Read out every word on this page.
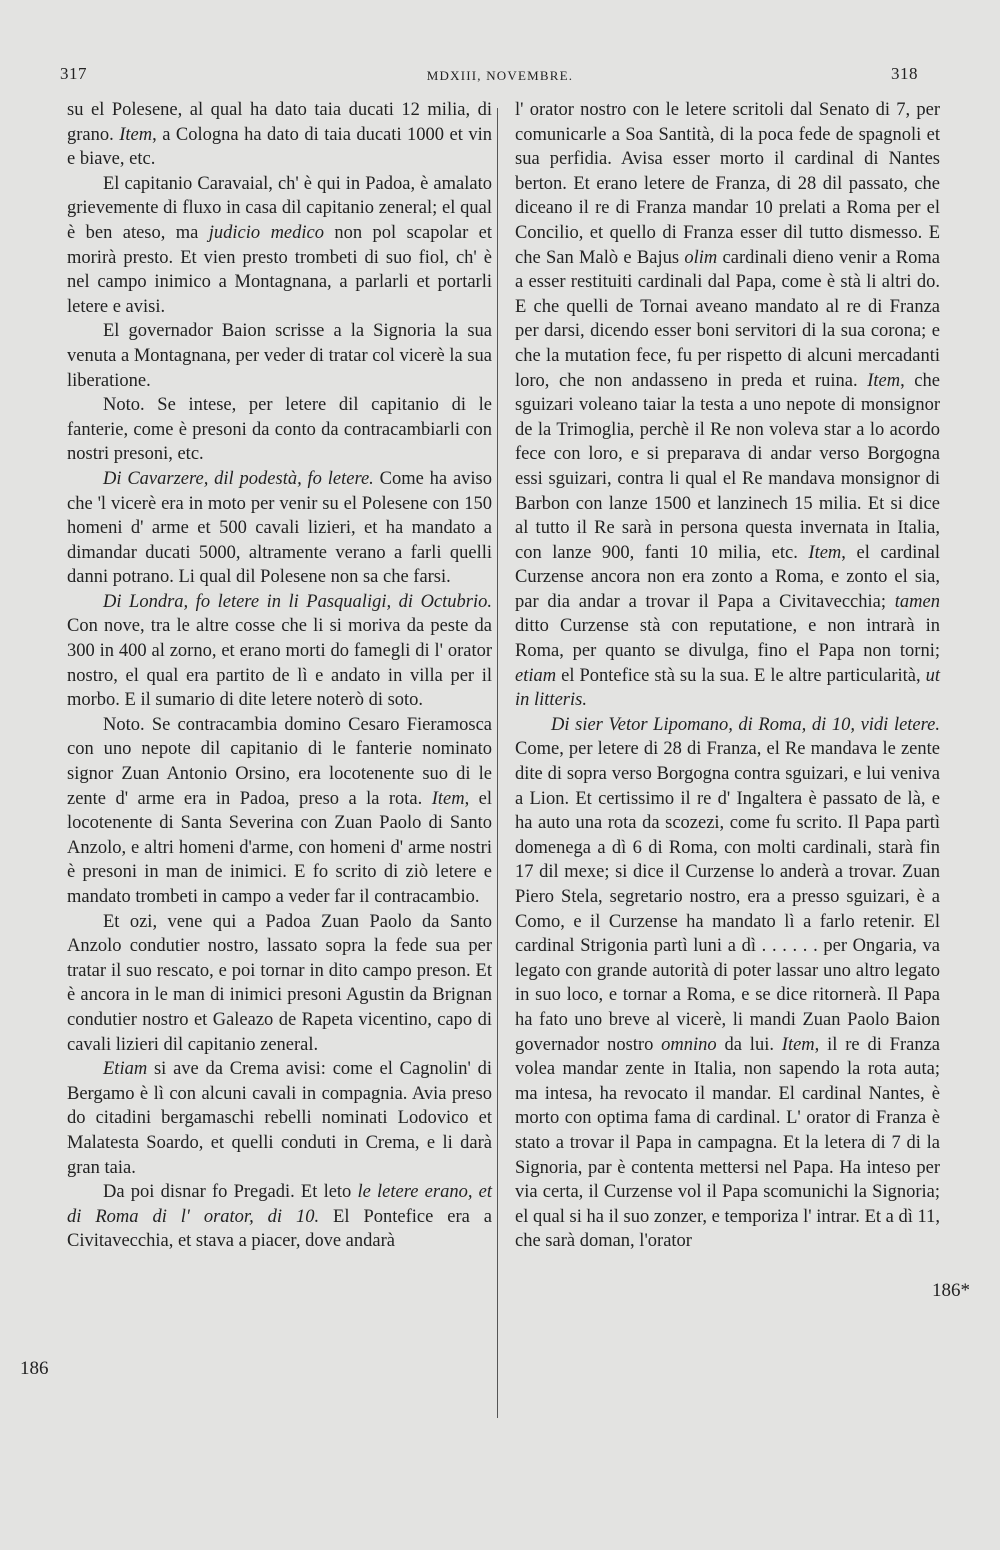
317	MDXIII, NOVEMBRE.	318

su el Polesene, al qual ha dato taia ducati 12 milia, di grano. Item, a Cologna ha dato di taia ducati 1000 et vin e biave, etc.

El capitanio Caravaial, ch' è qui in Padoa, è amalato grievemente di fluxo in casa dil capitanio zeneral; el qual è ben ateso, ma judicio medico non pol scapolar et morirà presto. Et vien presto trombeti di suo fiol, ch' è nel campo inimico a Montagnana, a parlarli et portarli letere e avisi.

El governador Baion scrisse a la Signoria la sua venuta a Montagnana, per veder di tratar col vicerè la sua liberatione.

Noto. Se intese, per letere dil capitanio di le fanterie, come è presoni da conto da contracambiarli con nostri presoni, etc.

Di Cavarzere, dil podestà, fo letere. Come ha aviso che 'l vicerè era in moto per venir su el Polesene con 150 homeni d' arme et 500 cavali lizieri, et ha mandato a dimandar ducati 5000, altramente verano a farli quelli danni potrano. Li qual dil Polesene non sa che farsi.

Di Londra, fo letere in li Pasqualigi, di Octubrio. Con nove, tra le altre cosse che li si moriva da peste da 300 in 400 al zorno, et erano morti do famegli di l' orator nostro, el qual era partito de lì e andato in villa per il morbo. E il sumario di dite letere noterò di soto.

Noto. Se contracambia domino Cesaro Fieramosca con uno nepote dil capitanio di le fanterie nominato signor Zuan Antonio Orsino, era locotenente suo di le zente d' arme era in Padoa, preso a la rota. Item, el locotenente di Santa Severina con Zuan Paolo di Santo Anzolo, e altri homeni d'arme, con homeni d' arme nostri è presoni in man de inimici. E fo scrito di ziò letere e mandato trombeti in campo a veder far il contracambio.

Et ozi, vene qui a Padoa Zuan Paolo da Santo Anzolo condutier nostro, lassato sopra la fede sua per tratar il suo rescato, e poi tornar in dito campo preson. Et è ancora in le man di inimici presoni Agustin da Brignan condutier nostro et Galeazo de Rapeta vicentino, capo di cavali lizieri dil capitanio zeneral.

Etiam si ave da Crema avisi: come el Cagnolin' di Bergamo è lì con alcuni cavali in compagnia. Avia preso do citadini bergamaschi rebelli nominati Lodovico et Malatesta Soardo, et quelli conduti in Crema, e li darà gran taia.

Da poi disnar fo Pregadi. Et leto le letere erano, et di Roma di l' orator, di 10. El Pontefice era a Civitavecchia, et stava a piacer, dove andarà

l' orator nostro con le letere scritoli dal Senato di 7, per comunicarle a Soa Santità, di la poca fede de spagnoli et sua perfidia. Avisa esser morto il cardinal di Nantes berton. Et erano letere de Franza, di 28 dil passato, che diceano il re di Franza mandar 10 prelati a Roma per el Concilio, et quello di Franza esser dil tutto dismesso. E che San Malò e Bajus olim cardinali dieno venir a Roma a esser restituiti cardinali dal Papa, come è stà li altri do. E che quelli de Tornai aveano mandato al re di Franza per darsi, dicendo esser boni servitori di la sua corona; e che la mutation fece, fu per rispetto di alcuni mercadanti loro, che non andasseno in preda et ruina. Item, che sguizari voleano taiar la testa a uno nepote di monsignor de la Trimoglia, perchè il Re non voleva star a lo acordo fece con loro, e si preparava di andar verso Borgogna essi sguizari, contra li qual el Re mandava monsignor di Barbon con lanze 1500 et lanzinech 15 milia. Et si dice al tutto il Re sarà in persona questa invernata in Italia, con lanze 900, fanti 10 milia, etc. Item, el cardinal Curzense ancora non era zonto a Roma, e zonto el sia, par dia andar a trovar il Papa a Civitavecchia; tamen ditto Curzense stà con reputatione, e non intrarà in Roma, per quanto se divulga, fino el Papa non torni; etiam el Pontefice stà su la sua. E le altre particularità, ut in litteris.

Di sier Vetor Lipomano, di Roma, di 10, vidi letere. Come, per letere di 28 di Franza, el Re mandava le zente dite di sopra verso Borgogna contra sguizari, e lui veniva a Lion. Et certissimo il re d' Ingaltera è passato de là, e ha auto una rota da scozezi, come fu scrito. Il Papa partì domenega a dì 6 di Roma, con molti cardinali, starà fin 17 dil mexe; si dice il Curzense lo anderà a trovar. Zuan Piero Stela, segretario nostro, era a presso sguizari, è a Como, e il Curzense ha mandato lì a farlo retenir. El cardinal Strigonia partì luni a dì . . . . . . per Ongaria, va legato con grande autorità di poter lassar uno altro legato in suo loco, e tornar a Roma, e se dice ritornerà. Il Papa ha fato uno breve al vicerè, li mandi Zuan Paolo Baion governador nostro omnino da lui. Item, il re di Franza volea mandar zente in Italia, non sapendo la rota auta; ma intesa, ha revocato il mandar. El cardinal Nantes, è morto con optima fama di cardinal. L' orator di Franza è stato a trovar il Papa in campagna. Et la letera di 7 di la Signoria, par è contenta mettersi nel Papa. Ha inteso per via certa, il Curzense vol il Papa scomunichi la Signoria; el qual si ha il suo zonzer, e temporiza l' intrar. Et a dì 11, che sarà doman, l'orator

186
186*
